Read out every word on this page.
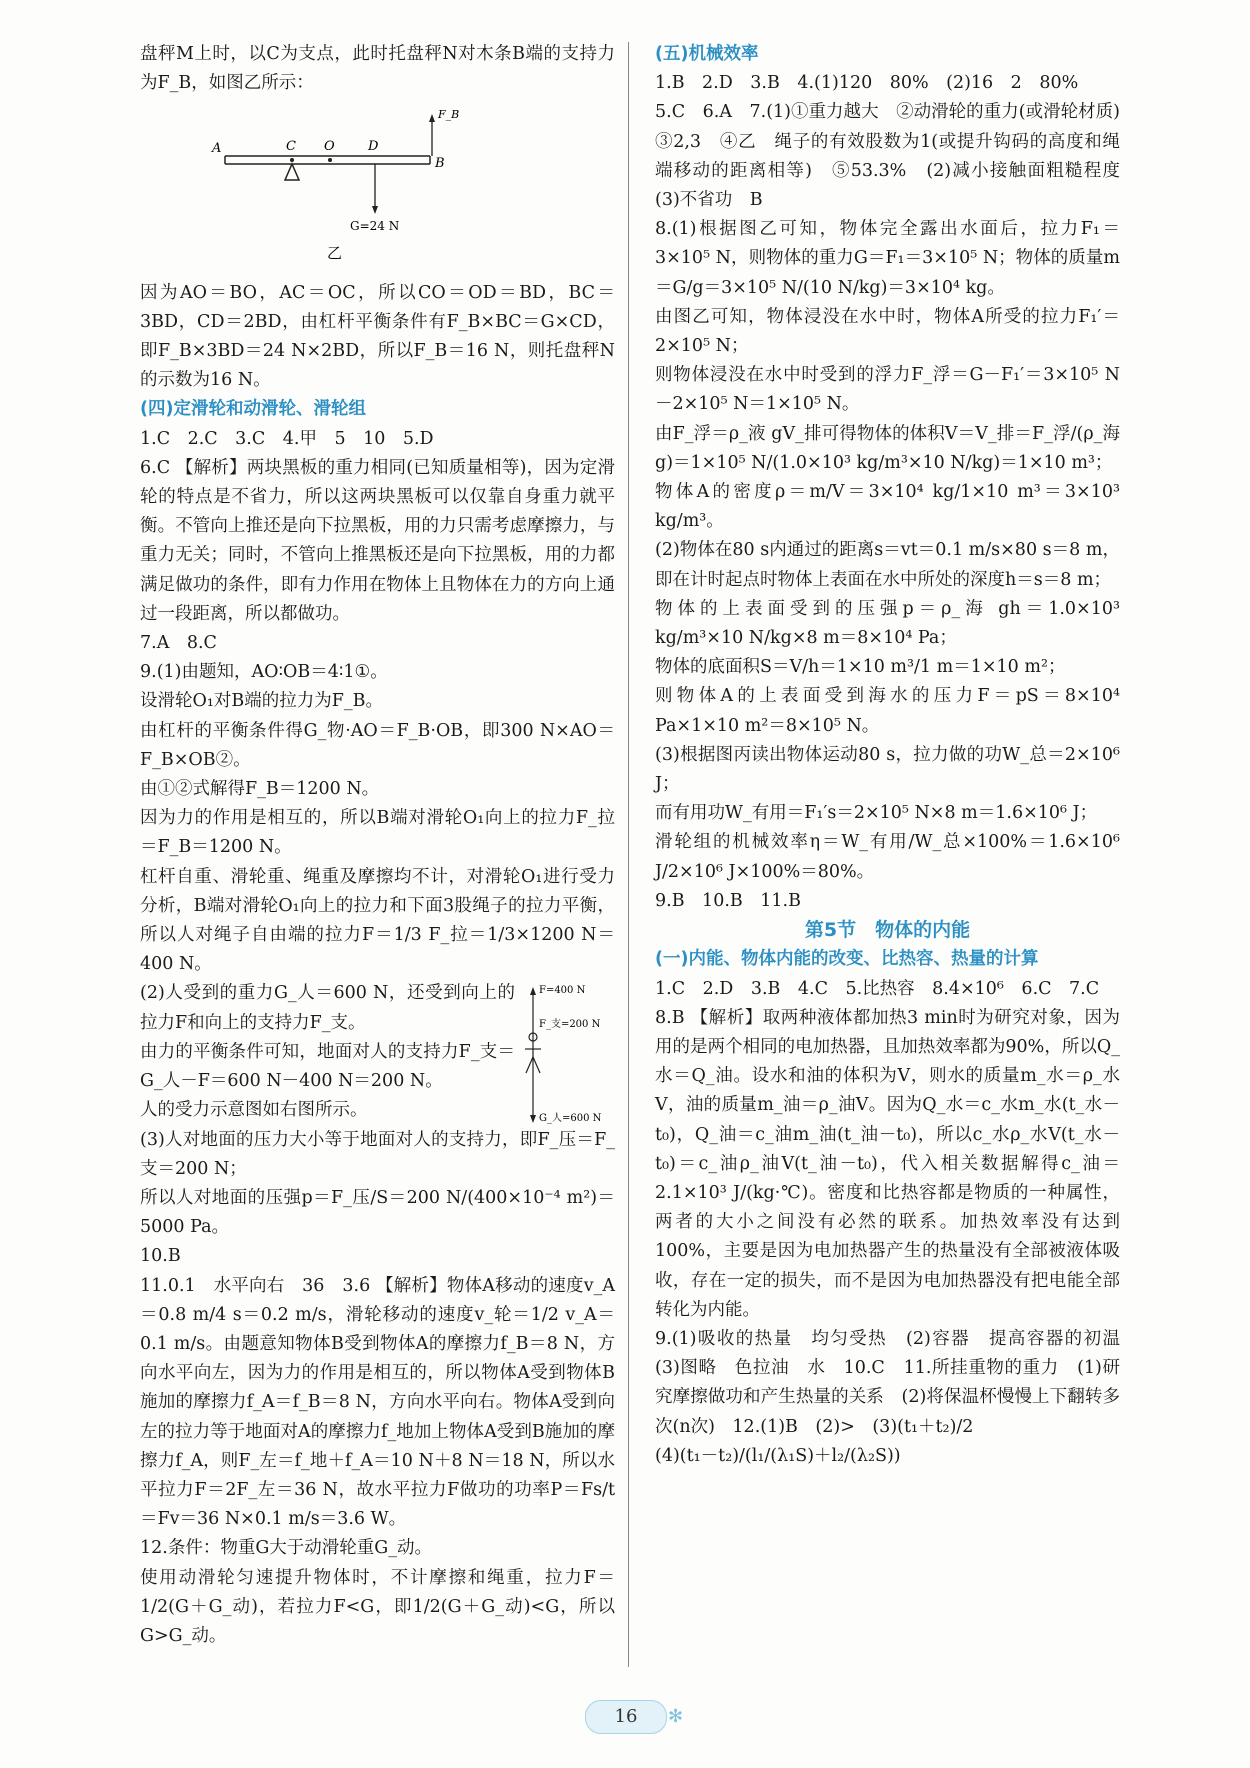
盘秤M上时，以C为支点，此时托盘秤N对木条B端的支持力为F_B，如图乙所示：

A	C O	D
B
F_B
G=24 N
乙

因为AO＝BO，AC＝OC，所以CO＝OD＝BD，BC＝3BD，CD＝2BD，由杠杆平衡条件有F_B×BC＝G×CD，即F_B×3BD＝24 N×2BD，所以F_B＝16 N，则托盘秤N的示数为16 N。

(四)定滑轮和动滑轮、滑轮组

1.C　2.C　3.C　4.甲　5　10　5.D

6.C 【解析】两块黑板的重力相同(已知质量相等)，因为定滑轮的特点是不省力，所以这两块黑板可以仅靠自身重力就平衡。不管向上推还是向下拉黑板，用的力只需考虑摩擦力，与重力无关；同时，不管向上推黑板还是向下拉黑板，用的力都满足做功的条件，即有力作用在物体上且物体在力的方向上通过一段距离，所以都做功。

7.A　8.C

9.(1)由题知，AO∶OB＝4∶1①。

设滑轮O₁对B端的拉力为F_B。

由杠杆的平衡条件得G_物·AO＝F_B·OB，即300 N×AO＝F_B×OB②。

由①②式解得F_B＝1200 N。

因为力的作用是相互的，所以B端对滑轮O₁向上的拉力F_拉＝F_B＝1200 N。

杠杆自重、滑轮重、绳重及摩擦均不计，对滑轮O₁进行受力分析，B端对滑轮O₁向上的拉力和下面3股绳子的拉力平衡，所以人对绳子自由端的拉力F＝1/3 F_拉＝1/3×1200 N＝400 N。

F=400 N
F_支=200 N
G_人=600 N

(2)人受到的重力G_人＝600 N，还受到向上的拉力F和向上的支持力F_支。

由力的平衡条件可知，地面对人的支持力F_支＝G_人－F＝600 N－400 N＝200 N。

人的受力示意图如右图所示。

(3)人对地面的压力大小等于地面对人的支持力，即F_压＝F_支＝200 N；

所以人对地面的压强p＝F_压/S＝200 N/(400×10⁻⁴ m²)＝5000 Pa。

10.B

11.0.1　水平向右　36　3.6 【解析】物体A移动的速度v_A＝0.8 m/4 s＝0.2 m/s，滑轮移动的速度v_轮＝1/2 v_A＝0.1 m/s。由题意知物体B受到物体A的摩擦力f_B＝8 N，方向水平向左，因为力的作用是相互的，所以物体A受到物体B施加的摩擦力f_A＝f_B＝8 N，方向水平向右。物体A受到向左的拉力等于地面对A的摩擦力f_地加上物体A受到B施加的摩擦力f_A，则F_左＝f_地＋f_A＝10 N＋8 N＝18 N，所以水平拉力F＝2F_左＝36 N，故水平拉力F做功的功率P＝Fs/t＝Fv＝36 N×0.1 m/s＝3.6 W。

12.条件：物重G大于动滑轮重G_动。

使用动滑轮匀速提升物体时，不计摩擦和绳重，拉力F＝1/2(G＋G_动)，若拉力F<G，即1/2(G＋G_动)<G，所以G>G_动。

(五)机械效率

1.B　2.D　3.B　4.(1)120　80%　(2)16　2　80%

5.C　6.A　7.(1)①重力越大　②动滑轮的重力(或滑轮材质)　③2,3　④乙　绳子的有效股数为1(或提升钩码的高度和绳端移动的距离相等)　⑤53.3%　(2)减小接触面粗糙程度　(3)不省功　B

8.(1)根据图乙可知，物体完全露出水面后，拉力F₁＝3×10⁵ N，则物体的重力G＝F₁＝3×10⁵ N；物体的质量m＝G/g＝3×10⁵ N/(10 N/kg)＝3×10⁴ kg。

由图乙可知，物体浸没在水中时，物体A所受的拉力F₁′＝2×10⁵ N；

则物体浸没在水中时受到的浮力F_浮＝G－F₁′＝3×10⁵ N－2×10⁵ N＝1×10⁵ N。

由F_浮＝ρ_液 gV_排可得物体的体积V＝V_排＝F_浮/(ρ_海 g)＝1×10⁵ N/(1.0×10³ kg/m³×10 N/kg)＝1×10 m³；

物体A的密度ρ＝m/V＝3×10⁴ kg/1×10 m³＝3×10³ kg/m³。

(2)物体在80 s内通过的距离s＝vt＝0.1 m/s×80 s＝8 m，即在计时起点时物体上表面在水中所处的深度h＝s＝8 m；

物体的上表面受到的压强p＝ρ_海 gh＝1.0×10³ kg/m³×10 N/kg×8 m＝8×10⁴ Pa；

物体的底面积S＝V/h＝1×10 m³/1 m＝1×10 m²；

则物体A的上表面受到海水的压力F＝pS＝8×10⁴ Pa×1×10 m²＝8×10⁵ N。

(3)根据图丙读出物体运动80 s，拉力做的功W_总＝2×10⁶ J；

而有用功W_有用＝F₁′s＝2×10⁵ N×8 m＝1.6×10⁶ J；

滑轮组的机械效率η＝W_有用/W_总×100%＝1.6×10⁶ J/2×10⁶ J×100%＝80%。

9.B　10.B　11.B

第5节　物体的内能

(一)内能、物体内能的改变、比热容、热量的计算

1.C　2.D　3.B　4.C　5.比热容　8.4×10⁶　6.C　7.C

8.B 【解析】取两种液体都加热3 min时为研究对象，因为用的是两个相同的电加热器，且加热效率都为90%，所以Q_水＝Q_油。设水和油的体积为V，则水的质量m_水＝ρ_水V，油的质量m_油＝ρ_油V。因为Q_水＝c_水m_水(t_水－t₀)，Q_油＝c_油m_油(t_油－t₀)，所以c_水ρ_水V(t_水－t₀)＝c_油ρ_油V(t_油－t₀)，代入相关数据解得c_油＝2.1×10³ J/(kg·℃)。密度和比热容都是物质的一种属性，两者的大小之间没有必然的联系。加热效率没有达到100%，主要是因为电加热器产生的热量没有全部被液体吸收，存在一定的损失，而不是因为电加热器没有把电能全部转化为内能。

9.(1)吸收的热量　均匀受热　(2)容器　提高容器的初温　(3)图略　色拉油　水　10.C　11.所挂重物的重力　(1)研究摩擦做功和产生热量的关系　(2)将保温杯慢慢上下翻转多次(n次)　12.(1)B　(2)>　(3)(t₁＋t₂)/2

(4)(t₁－t₂)/(l₁/(λ₁S)＋l₂/(λ₂S))

16	✻
